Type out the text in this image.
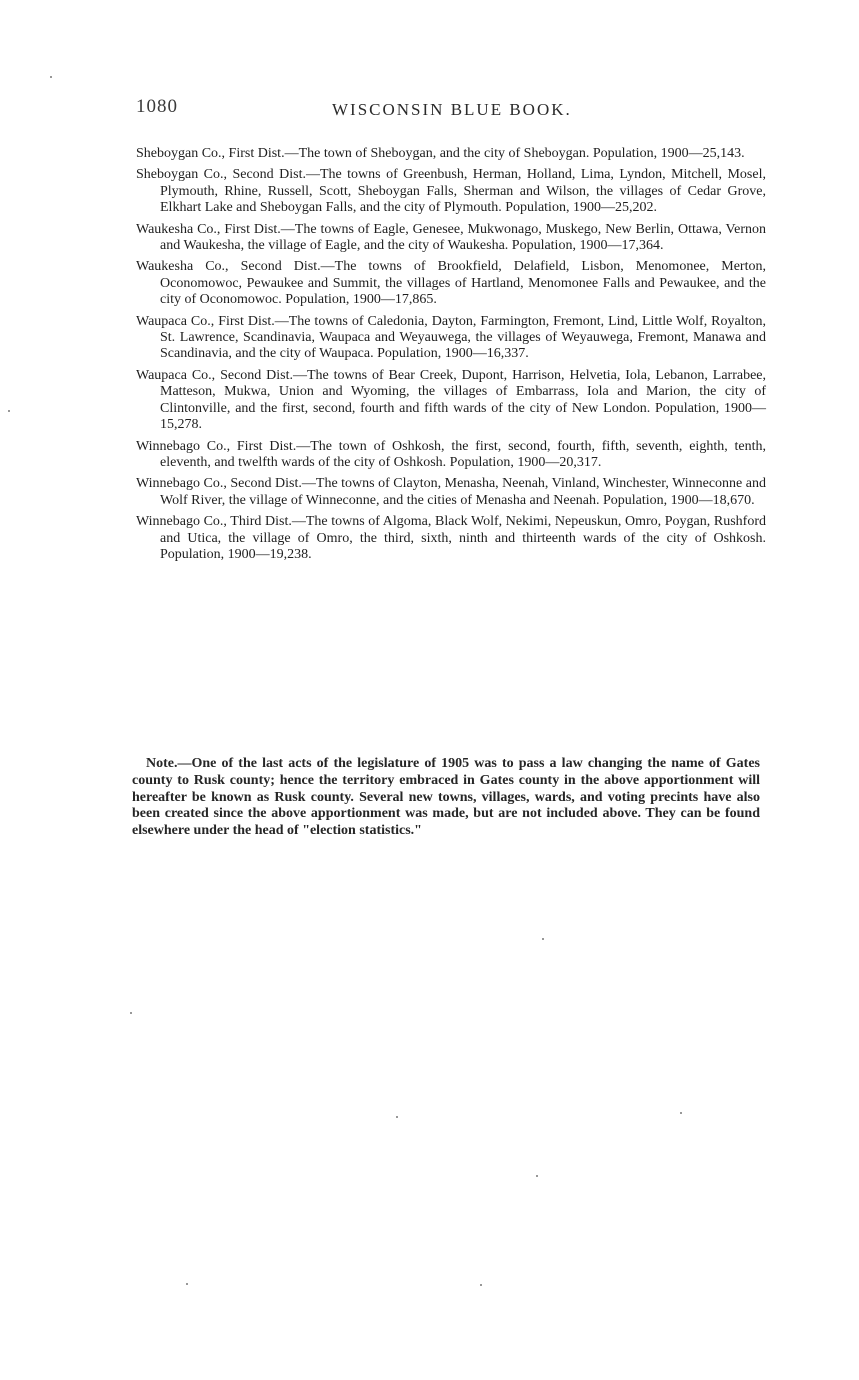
1080	WISCONSIN BLUE BOOK.

Sheboygan Co., First Dist.—The town of Sheboygan, and the city of Sheboygan. Population, 1900—25,143.

Sheboygan Co., Second Dist.—The towns of Greenbush, Herman, Holland, Lima, Lyndon, Mitchell, Mosel, Plymouth, Rhine, Russell, Scott, Sheboygan Falls, Sherman and Wilson, the villages of Cedar Grove, Elkhart Lake and Sheboygan Falls, and the city of Plymouth. Population, 1900—25,202.

Waukesha Co., First Dist.—The towns of Eagle, Genesee, Mukwonago, Muskego, New Berlin, Ottawa, Vernon and Waukesha, the village of Eagle, and the city of Waukesha. Population, 1900—17,364.

Waukesha Co., Second Dist.—The towns of Brookfield, Delafield, Lisbon, Menomonee, Merton, Oconomowoc, Pewaukee and Summit, the villages of Hartland, Menomonee Falls and Pewaukee, and the city of Oconomowoc. Population, 1900—17,865.

Waupaca Co., First Dist.—The towns of Caledonia, Dayton, Farmington, Fremont, Lind, Little Wolf, Royalton, St. Lawrence, Scandinavia, Waupaca and Weyauwega, the villages of Weyauwega, Fremont, Manawa and Scandinavia, and the city of Waupaca. Population, 1900—16,337.

Waupaca Co., Second Dist.—The towns of Bear Creek, Dupont, Harrison, Helvetia, Iola, Lebanon, Larrabee, Matteson, Mukwa, Union and Wyoming, the villages of Embarrass, Iola and Marion, the city of Clintonville, and the first, second, fourth and fifth wards of the city of New London. Population, 1900—15,278.

Winnebago Co., First Dist.—The town of Oshkosh, the first, second, fourth, fifth, seventh, eighth, tenth, eleventh, and twelfth wards of the city of Oshkosh. Population, 1900—20,317.

Winnebago Co., Second Dist.—The towns of Clayton, Menasha, Neenah, Vinland, Winchester, Winneconne and Wolf River, the village of Winneconne, and the cities of Menasha and Neenah. Population, 1900—18,670.

Winnebago Co., Third Dist.—The towns of Algoma, Black Wolf, Nekimi, Nepeuskun, Omro, Poygan, Rushford and Utica, the village of Omro, the third, sixth, ninth and thirteenth wards of the city of Oshkosh. Population, 1900—19,238.

Note.—One of the last acts of the legislature of 1905 was to pass a law changing the name of Gates county to Rusk county; hence the territory embraced in Gates county in the above apportionment will hereafter be known as Rusk county. Several new towns, villages, wards, and voting precints have also been created since the above apportionment was made, but are not included above. They can be found elsewhere under the head of "election statistics."
